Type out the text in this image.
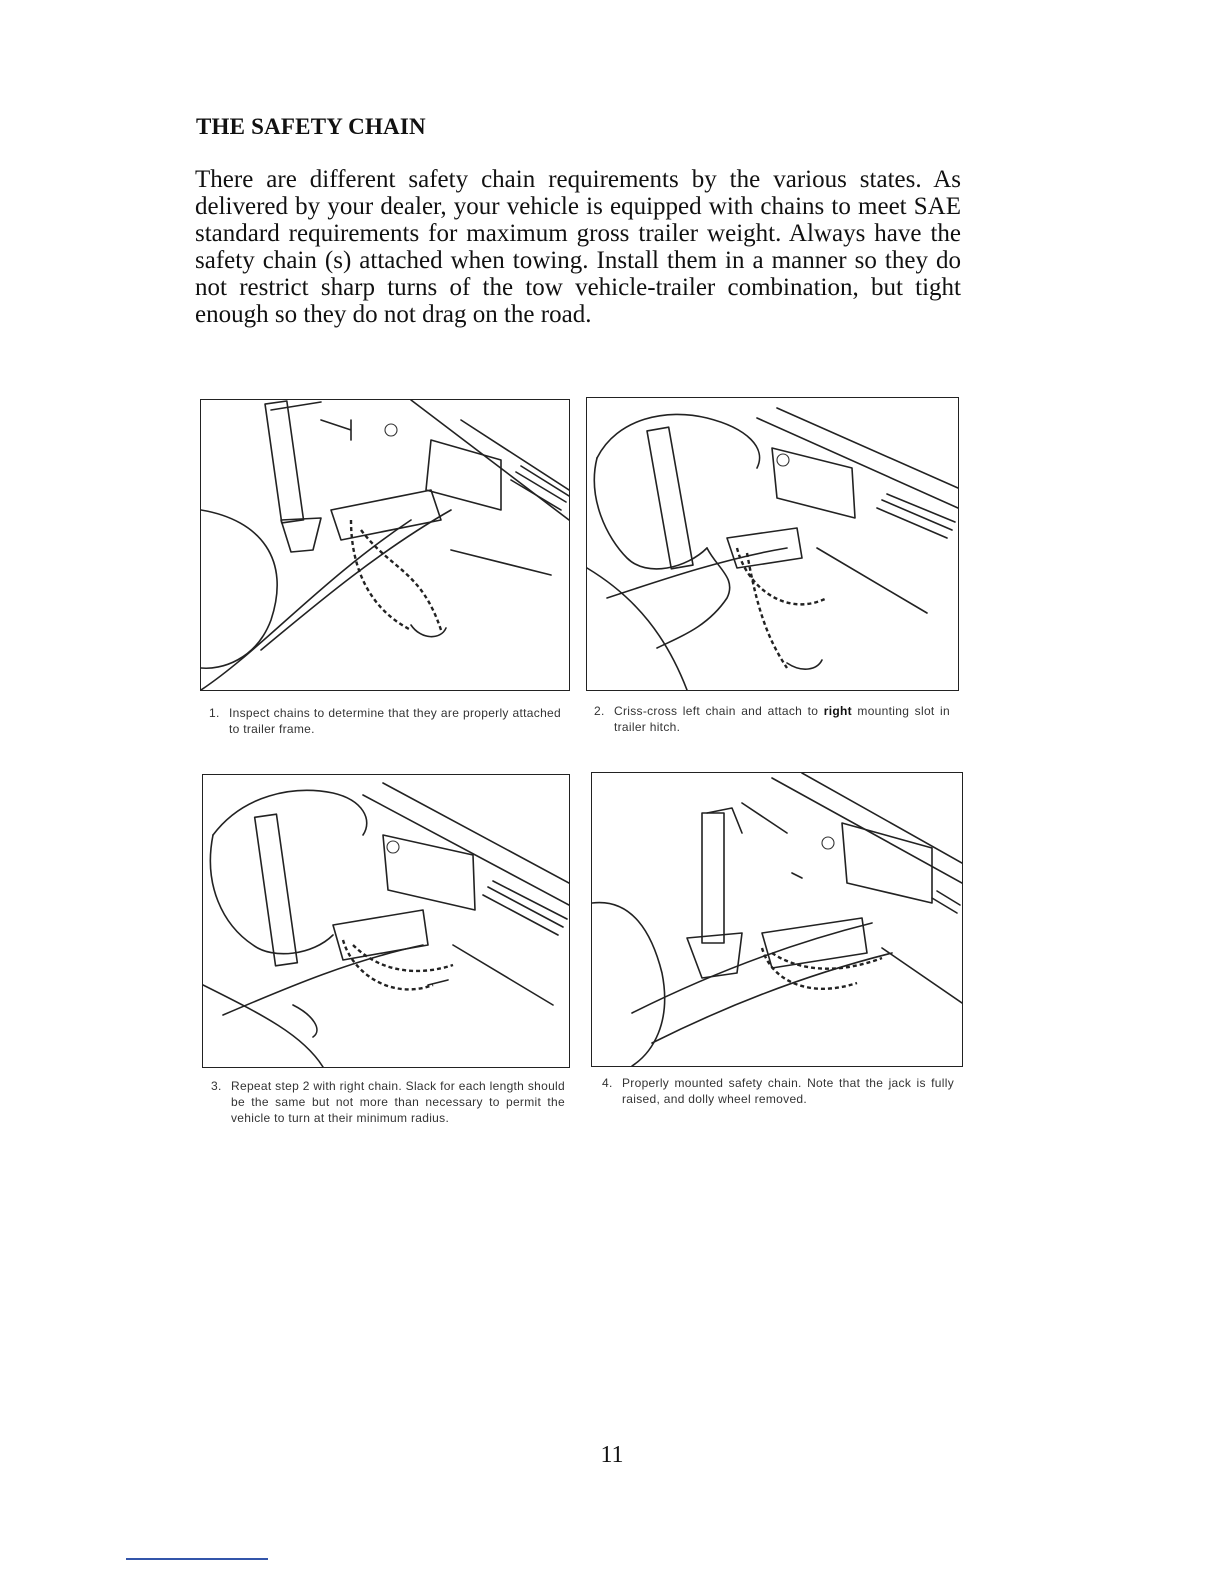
THE SAFETY CHAIN

There are different safety chain requirements by the various states. As delivered by your dealer, your vehicle is equipped with chains to meet SAE standard requirements for maximum gross trailer weight. Always have the safety chain (s) attached when towing. Install them in a manner so they do not restrict sharp turns of the tow vehicle-trailer combination, but tight enough so they do not drag on the road.

1. Inspect chains to determine that they are properly attached to trailer frame.

2. Criss-cross left chain and attach to right mounting slot in trailer hitch.

3. Repeat step 2 with right chain. Slack for each length should be the same but not more than necessary to permit the vehicle to turn at their minimum radius.

4. Properly mounted safety chain. Note that the jack is fully raised, and dolly wheel removed.

11
